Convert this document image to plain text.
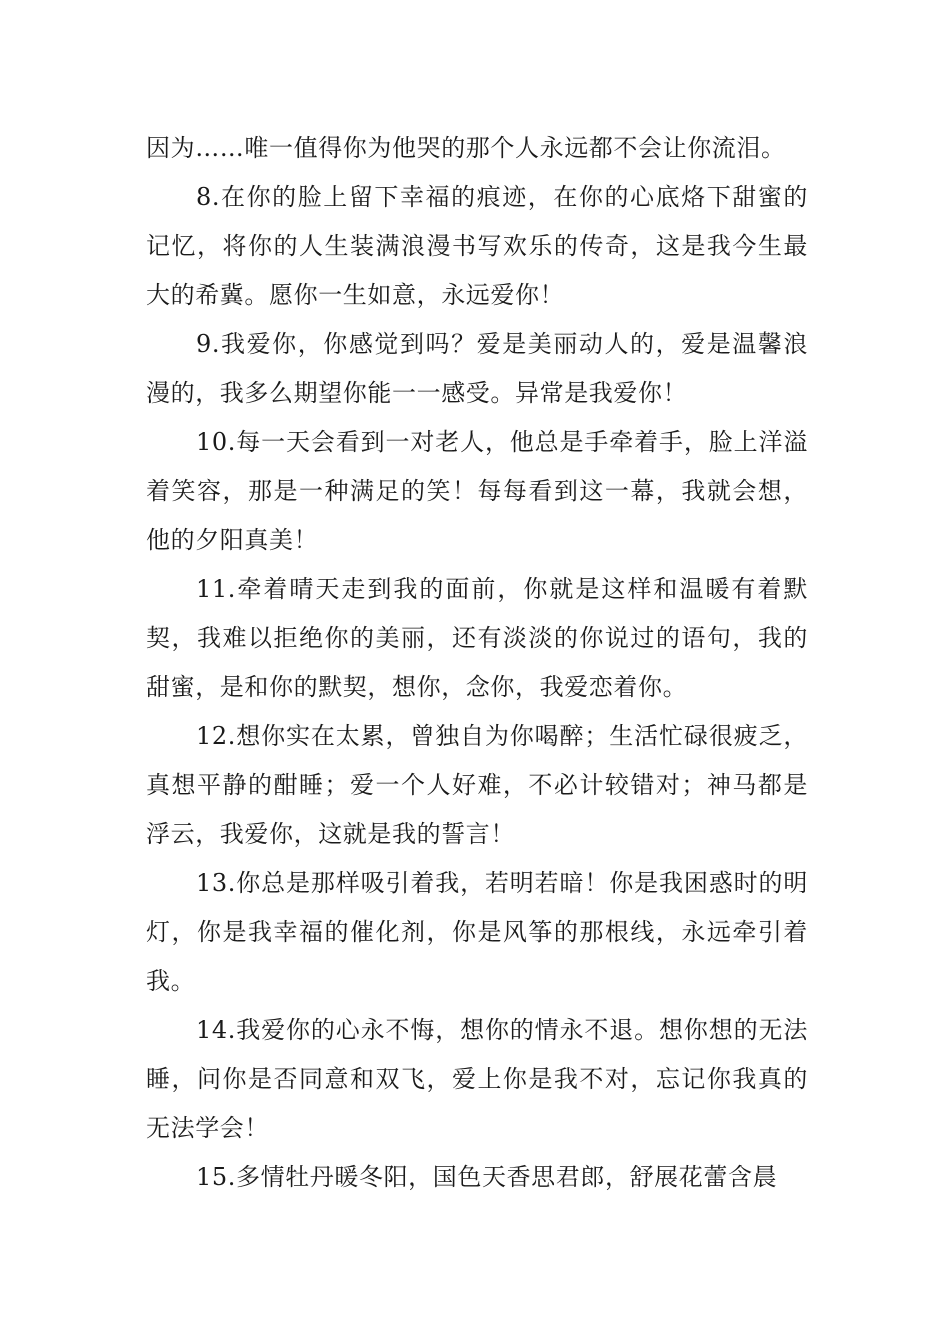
因为……唯一值得你为他哭的那个人永远都不会让你流泪。

8.在你的脸上留下幸福的痕迹，在你的心底烙下甜蜜的记忆，将你的人生装满浪漫书写欢乐的传奇，这是我今生最大的希冀。愿你一生如意，永远爱你！

9.我爱你，你感觉到吗？爱是美丽动人的，爱是温馨浪漫的，我多么期望你能一一感受。异常是我爱你！

10.每一天会看到一对老人，他总是手牵着手，脸上洋溢着笑容，那是一种满足的笑！每每看到这一幕，我就会想，他的夕阳真美！

11.牵着晴天走到我的面前，你就是这样和温暖有着默契，我难以拒绝你的美丽，还有淡淡的你说过的语句，我的甜蜜，是和你的默契，想你，念你，我爱恋着你。

12.想你实在太累，曾独自为你喝醉；生活忙碌很疲乏，真想平静的酣睡；爱一个人好难，不必计较错对；神马都是浮云，我爱你，这就是我的誓言！

13.你总是那样吸引着我，若明若暗！你是我困惑时的明灯，你是我幸福的催化剂，你是风筝的那根线，永远牵引着我。

14.我爱你的心永不悔，想你的情永不退。想你想的无法睡，问你是否同意和双飞，爱上你是我不对，忘记你我真的无法学会！

15.多情牡丹暖冬阳，国色天香思君郎，舒展花蕾含晨
